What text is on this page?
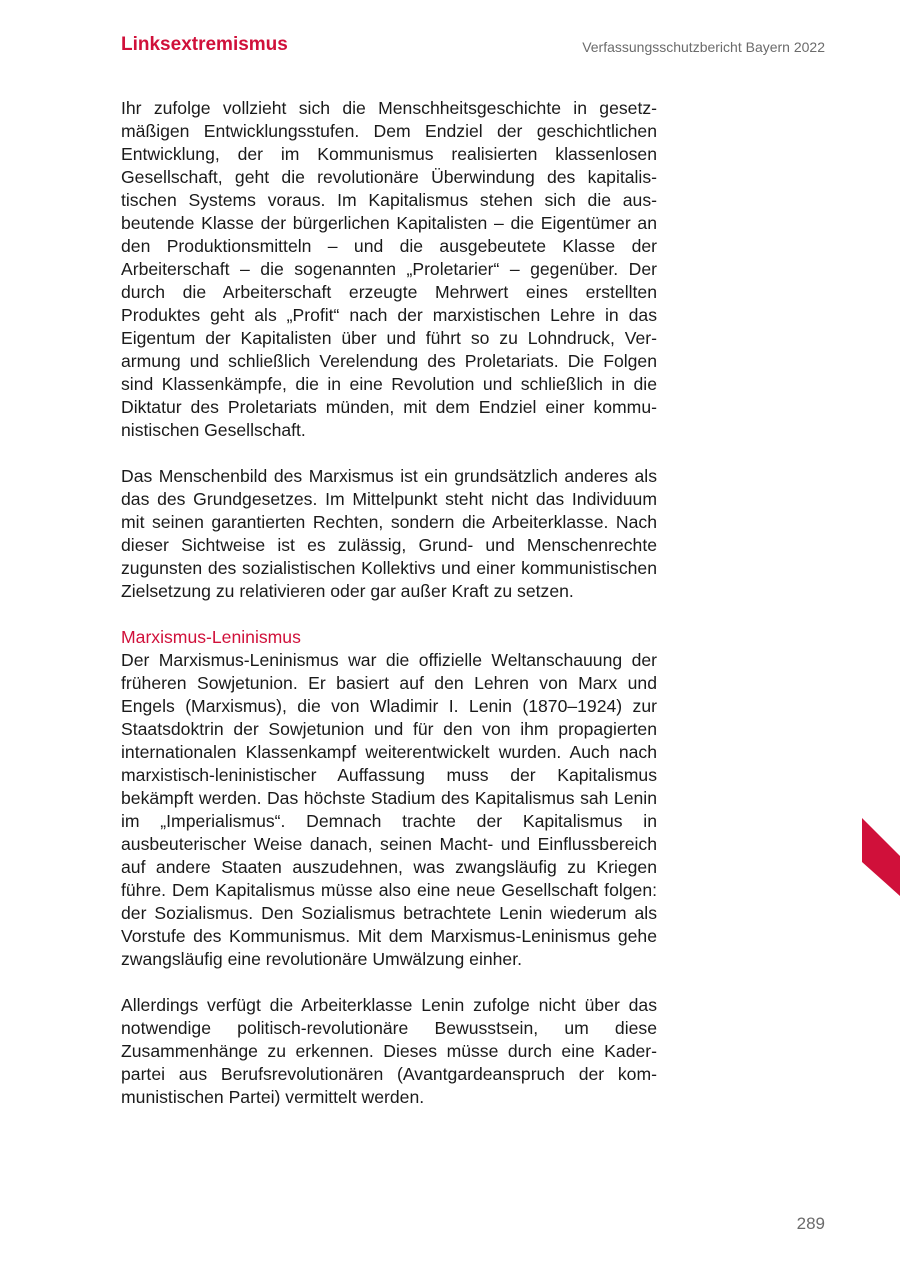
Linksextremismus	Verfassungsschutzbericht Bayern 2022

Ihr zufolge vollzieht sich die Menschheitsgeschichte in gesetzmäßigen Entwicklungsstufen. Dem Endziel der geschichtlichen Entwicklung, der im Kommunismus realisierten klassenlosen Gesellschaft, geht die revolutionäre Überwindung des kapitalistischen Systems voraus. Im Kapitalismus stehen sich die ausbeutende Klasse der bürgerlichen Kapitalisten – die Eigentümer an den Produktionsmitteln – und die ausgebeutete Klasse der Arbeiterschaft – die sogenannten „Proletarier“ – gegenüber. Der durch die Arbeiterschaft erzeugte Mehrwert eines erstellten Produktes geht als „Profit“ nach der marxistischen Lehre in das Eigentum der Kapitalisten über und führt so zu Lohndruck, Verarmung und schließlich Verelendung des Proletariats. Die Folgen sind Klassenkämpfe, die in eine Revolution und schließlich in die Diktatur des Proletariats münden, mit dem Endziel einer kommunistischen Gesellschaft.

Das Menschenbild des Marxismus ist ein grundsätzlich anderes als das des Grundgesetzes. Im Mittelpunkt steht nicht das Individuum mit seinen garantierten Rechten, sondern die Arbeiterklasse. Nach dieser Sichtweise ist es zulässig, Grund- und Menschenrechte zugunsten des sozialistischen Kollektivs und einer kommunistischen Zielsetzung zu relativieren oder gar außer Kraft zu setzen.

Marxismus-Leninismus

Der Marxismus-Leninismus war die offizielle Weltanschauung der früheren Sowjetunion. Er basiert auf den Lehren von Marx und Engels (Marxismus), die von Wladimir I. Lenin (1870–1924) zur Staatsdoktrin der Sowjetunion und für den von ihm propagierten internationalen Klassenkampf weiterentwickelt wurden. Auch nach marxistisch-leninistischer Auffassung muss der Kapitalismus bekämpft werden. Das höchste Stadium des Kapitalismus sah Lenin im „Imperialismus“. Demnach trachte der Kapitalismus in ausbeuterischer Weise danach, seinen Macht- und Einflussbereich auf andere Staaten auszudehnen, was zwangsläufig zu Kriegen führe. Dem Kapitalismus müsse also eine neue Gesellschaft folgen: der Sozialismus. Den Sozialismus betrachtete Lenin wiederum als Vorstufe des Kommunismus. Mit dem Marxismus-Leninismus gehe zwangsläufig eine revolutionäre Umwälzung einher.

Allerdings verfügt die Arbeiterklasse Lenin zufolge nicht über das notwendige politisch-revolutionäre Bewusstsein, um diese Zusammenhänge zu erkennen. Dieses müsse durch eine Kaderpartei aus Berufsrevolutionären (Avantgardeanspruch der kommunistischen Partei) vermittelt werden.

289
